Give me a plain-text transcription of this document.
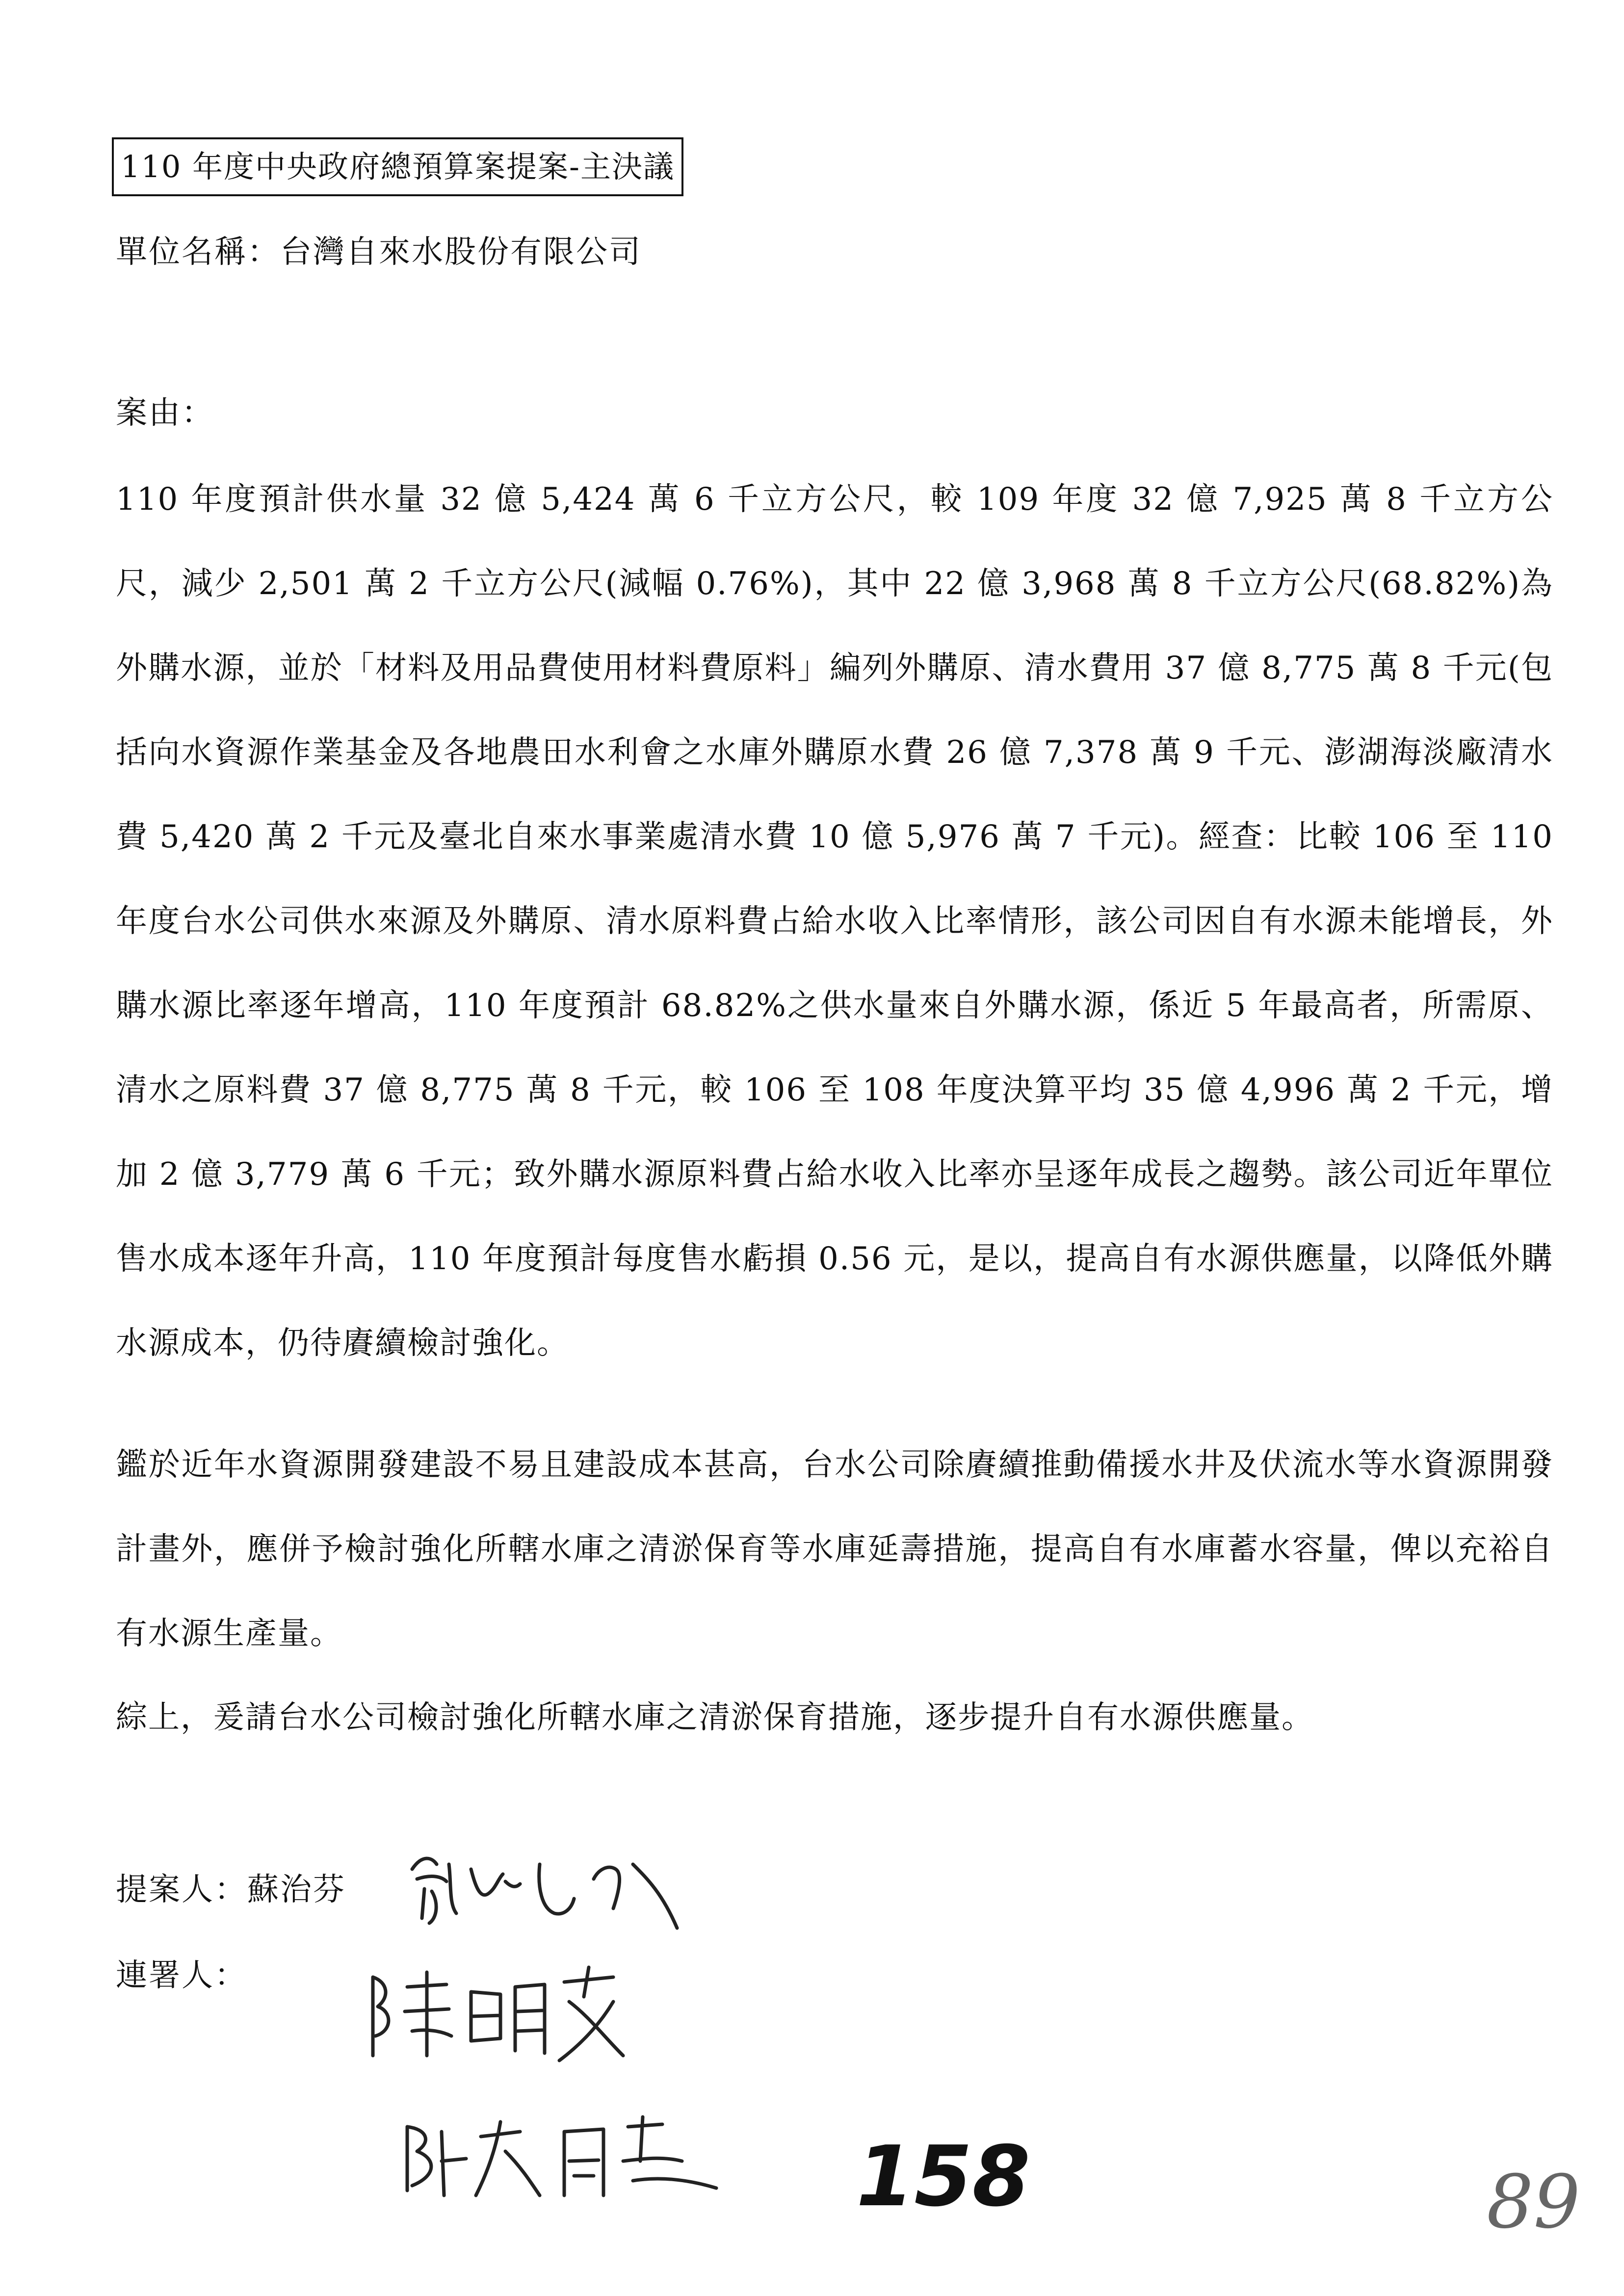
110 年度中央政府總預算案提案-主決議
單位名稱：台灣自來水股份有限公司
案由：
110 年度預計供水量 32 億 5,424 萬 6 千立方公尺，較 109 年度 32 億 7,925 萬 8 千立方公尺，減少 2,501 萬 2 千立方公尺(減幅 0.76%)，其中 22 億 3,968 萬 8 千立方公尺(68.82%)為外購水源，並於「材料及用品費使用材料費原料」編列外購原、清水費用 37 億 8,775 萬 8 千元(包括向水資源作業基金及各地農田水利會之水庫外購原水費 26 億 7,378 萬 9 千元、澎湖海淡廠清水費 5,420 萬 2 千元及臺北自來水事業處清水費 10 億 5,976 萬 7 千元)。經查：比較 106 至 110 年度台水公司供水來源及外購原、清水原料費占給水收入比率情形，該公司因自有水源未能增長，外購水源比率逐年增高，110 年度預計 68.82%之供水量來自外購水源，係近 5 年最高者，所需原、清水之原料費 37 億 8,775 萬 8 千元，較 106 至 108 年度決算平均 35 億 4,996 萬 2 千元，增加 2 億 3,779 萬 6 千元；致外購水源原料費占給水收入比率亦呈逐年成長之趨勢。該公司近年單位售水成本逐年升高，110 年度預計每度售水虧損 0.56 元，是以，提高自有水源供應量，以降低外購水源成本，仍待賡續檢討強化。
鑑於近年水資源開發建設不易且建設成本甚高，台水公司除賡續推動備援水井及伏流水等水資源開發計畫外，應併予檢討強化所轄水庫之清淤保育等水庫延壽措施，提高自有水庫蓄水容量，俾以充裕自有水源生產量。
綜上，爰請台水公司檢討強化所轄水庫之清淤保育措施，逐步提升自有水源供應量。
提案人：蘇治芬
連署人：
158	89
